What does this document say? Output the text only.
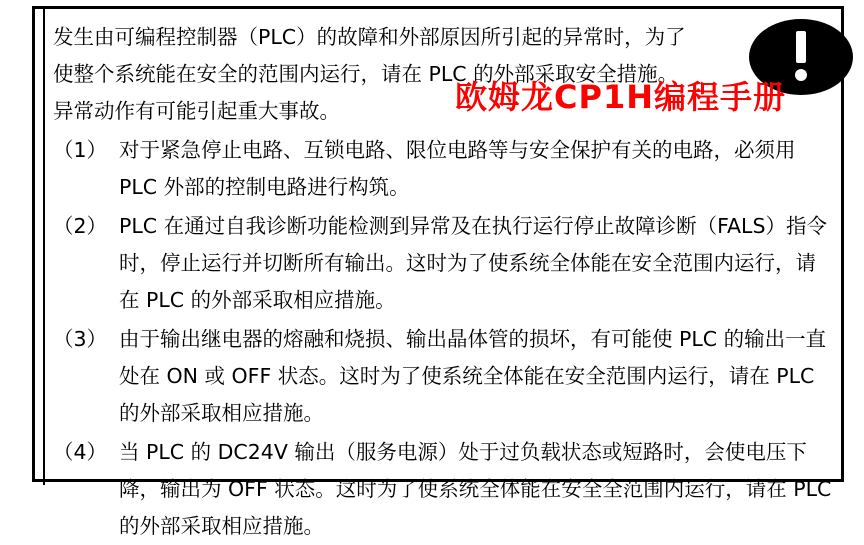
发生由可编程控制器（PLC）的故障和外部原因所引起的异常时，为了使整个系统能在安全的范围内运行，请在 PLC 的外部采取安全措施。异常动作有可能引起重大事故。
（1） 对于紧急停止电路、互锁电路、限位电路等与安全保护有关的电路，必须用 PLC 外部的控制电路进行构筑。
（2） PLC 在通过自我诊断功能检测到异常及在执行运行停止故障诊断（FALS）指令时，停止运行并切断所有输出。这时为了使系统全体能在安全范围内运行，请在 PLC 的外部采取相应措施。
（3） 由于输出继电器的熔融和烧损、输出晶体管的损坏，有可能使 PLC 的输出一直处在 ON 或 OFF 状态。这时为了使系统全体能在安全范围内运行，请在 PLC 的外部采取相应措施。
（4） 当 PLC 的 DC24V 输出（服务电源）处于过负载状态或短路时，会使电压下降，输出为 OFF 状态。这时为了使系统全体能在安全全范围内运行，请在 PLC 的外部采取相应措施。
欧姆龙CP1H编程手册
